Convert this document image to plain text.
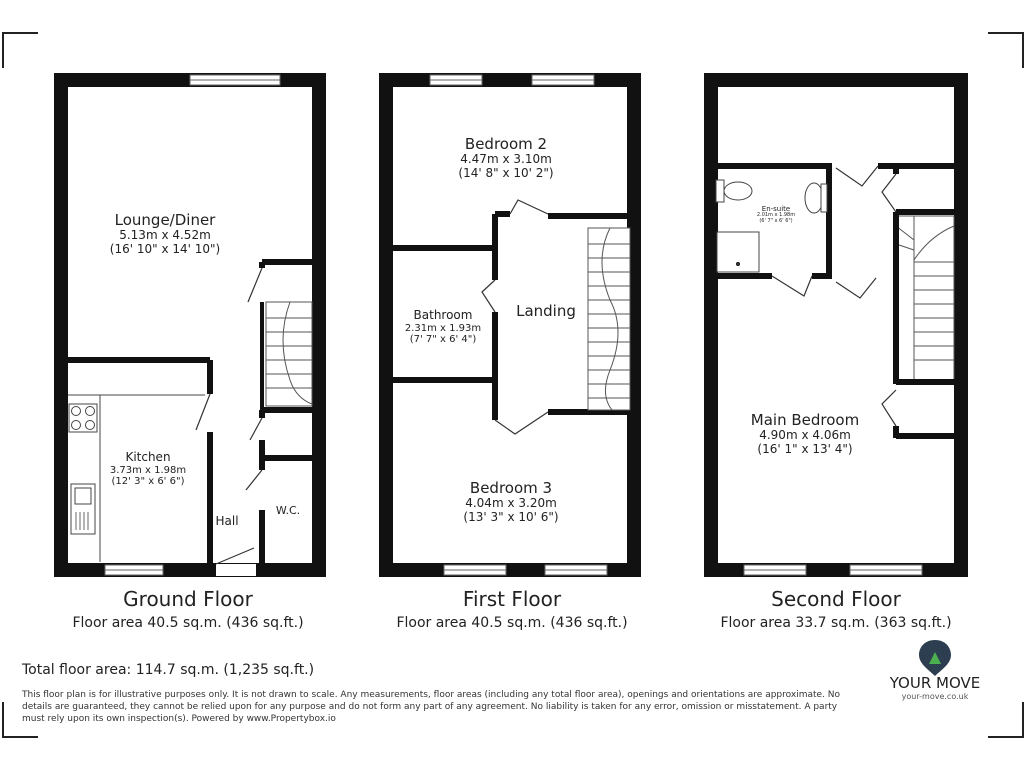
Lounge/Diner
5.13m x 4.52m
(16' 10" x 14' 10")
Kitchen
3.73m x 1.98m
(12' 3" x 6' 6")
Hall
W.C.
Bedroom 2
4.47m x 3.10m
(14' 8" x 10' 2")
Bathroom
2.31m x 1.93m
(7' 7" x 6' 4")
Landing
Bedroom 3
4.04m x 3.20m
(13' 3" x 10' 6")
En-suite
2.01m x 1.98m
(6' 7" x 6' 6")
Main Bedroom
4.90m x 4.06m
(16' 1" x 13' 4")
Ground Floor
Floor area 40.5 sq.m. (436 sq.ft.)
First Floor
Floor area 40.5 sq.m. (436 sq.ft.)
Second Floor
Floor area 33.7 sq.m. (363 sq.ft.)
Total floor area: 114.7 sq.m. (1,235 sq.ft.)
This floor plan is for illustrative purposes only. It is not drawn to scale. Any measurements, floor areas (including any total floor area), openings and orientations are approximate. No details are guaranteed, they cannot be relied upon for any purpose and do not form any part of any agreement. No liability is taken for any error, omission or misstatement. A party must rely upon its own inspection(s). Powered by www.Propertybox.io
YOUR MOVE
your-move.co.uk
